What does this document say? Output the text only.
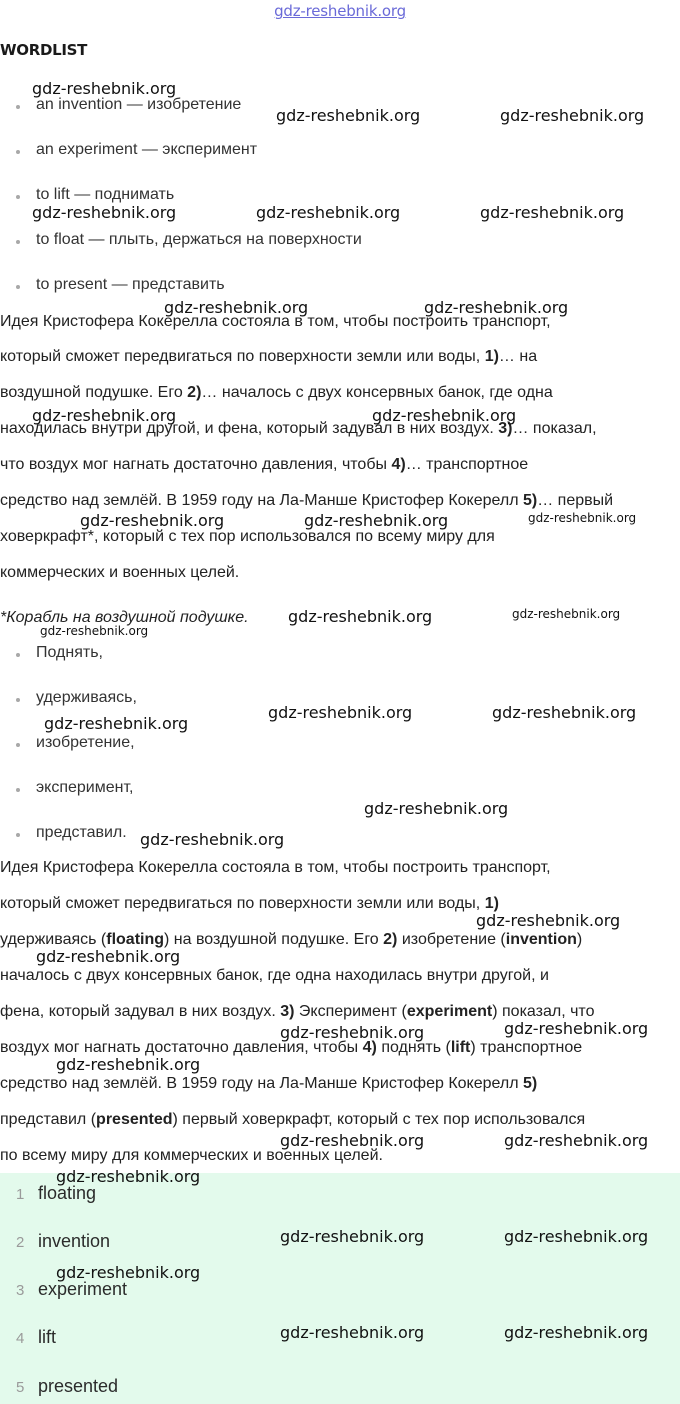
gdz-reshebnik.org
WORDLIST
an invention — изобретение
an experiment — эксперимент
to lift — поднимать
to float — плыть, держаться на поверхности
to present — представить
Идея Кристофера Кокерелла состояла в том, чтобы построить транспорт,
который сможет передвигаться по поверхности земли или воды, 1)… на
воздушной подушке. Его 2)… началось с двух консервных банок, где одна
находилась внутри другой, и фена, который задувал в них воздух. 3)… показал,
что воздух мог нагнать достаточно давления, чтобы 4)… транспортное
средство над землёй. В 1959 году на Ла-Манше Кристофер Кокерелл 5)… первый
ховеркрафт*, который с тех пор использовался по всему миру для
коммерческих и военных целей.
*Корабль на воздушной подушке.
Поднять,
удерживаясь,
изобретение,
эксперимент,
представил.
Идея Кристофера Кокерелла состояла в том, чтобы построить транспорт,
который сможет передвигаться по поверхности земли или воды, 1)
удерживаясь (floating) на воздушной подушке. Его 2) изобретение (invention)
началось с двух консервных банок, где одна находилась внутри другой, и
фена, который задувал в них воздух. 3) Эксперимент (experiment) показал, что
воздух мог нагнать достаточно давления, чтобы 4) поднять (lift) транспортное
средство над землёй. В 1959 году на Ла-Манше Кристофер Кокерелл 5)
представил (presented) первый ховеркрафт, который с тех пор использовался
по всему миру для коммерческих и военных целей.
1 floating
2 invention
3 experiment
4 lift
5 presented
gdz-reshebnik.org
gdz-reshebnik.org	gdz-reshebnik.org
gdz-reshebnik.org	gdz-reshebnik.org	gdz-reshebnik.org
gdz-reshebnik.org	gdz-reshebnik.org
gdz-reshebnik.org	gdz-reshebnik.org
gdz-reshebnik.org	gdz-reshebnik.org	gdz-reshebnik.org
gdz-reshebnik.org	gdz-reshebnik.org
gdz-reshebnik.org
gdz-reshebnik.org	gdz-reshebnik.org
gdz-reshebnik.org
gdz-reshebnik.org
gdz-reshebnik.org
gdz-reshebnik.org
gdz-reshebnik.org
gdz-reshebnik.org	gdz-reshebnik.org
gdz-reshebnik.org
gdz-reshebnik.org	gdz-reshebnik.org
gdz-reshebnik.org
gdz-reshebnik.org	gdz-reshebnik.org
gdz-reshebnik.org
gdz-reshebnik.org	gdz-reshebnik.org
